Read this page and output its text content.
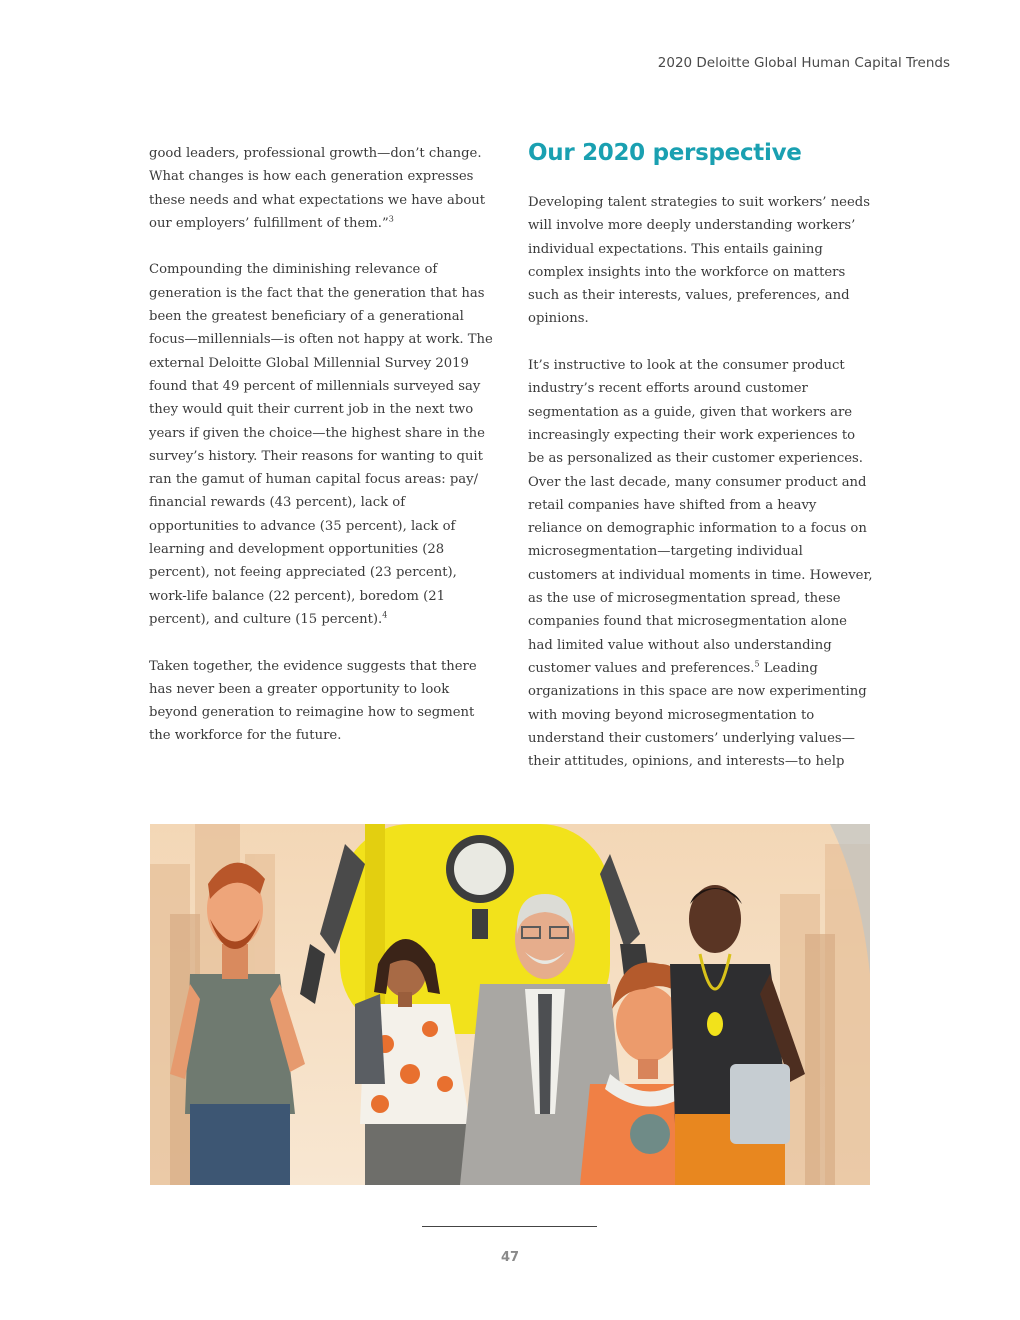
2020 Deloitte Global Human Capital Trends

good leaders, professional growth—don’t change. What changes is how each generation expresses these needs and what expectations we have about our employers’ fulfillment of them.”$^3$

Compounding the diminishing relevance of generation is the fact that the generation that has been the greatest beneficiary of a generational focus—millennials—is often not happy at work. The external Deloitte Global Millennial Survey 2019 found that 49 percent of millennials surveyed say they would quit their current job in the next two years if given the choice—the highest share in the survey’s history. Their reasons for wanting to quit ran the gamut of human capital focus areas: pay/ financial rewards (43 percent), lack of opportunities to advance (35 percent), lack of learning and development opportunities (28 percent), not feeing appreciated (23 percent), work-life balance (22 percent), boredom (21 percent), and culture (15 percent).$^4$

Taken together, the evidence suggests that there has never been a greater opportunity to look beyond generation to reimagine how to segment the workforce for the future.

Our 2020 perspective

Developing talent strategies to suit workers’ needs will involve more deeply understanding workers’ individual expectations. This entails gaining complex insights into the workforce on matters such as their interests, values, preferences, and opinions.

It’s instructive to look at the consumer product industry’s recent efforts around customer segmentation as a guide, given that workers are increasingly expecting their work experiences to be as personalized as their customer experiences. Over the last decade, many consumer product and retail companies have shifted from a heavy reliance on demographic information to a focus on microsegmentation—targeting individual customers at individual moments in time. However, as the use of microsegmentation spread, these companies found that microsegmentation alone had limited value without also understanding customer values and preferences.$^5$ Leading organizations in this space are now experimenting with moving beyond microsegmentation to understand their customers’ underlying values—their attitudes, opinions, and interests—to help

47
